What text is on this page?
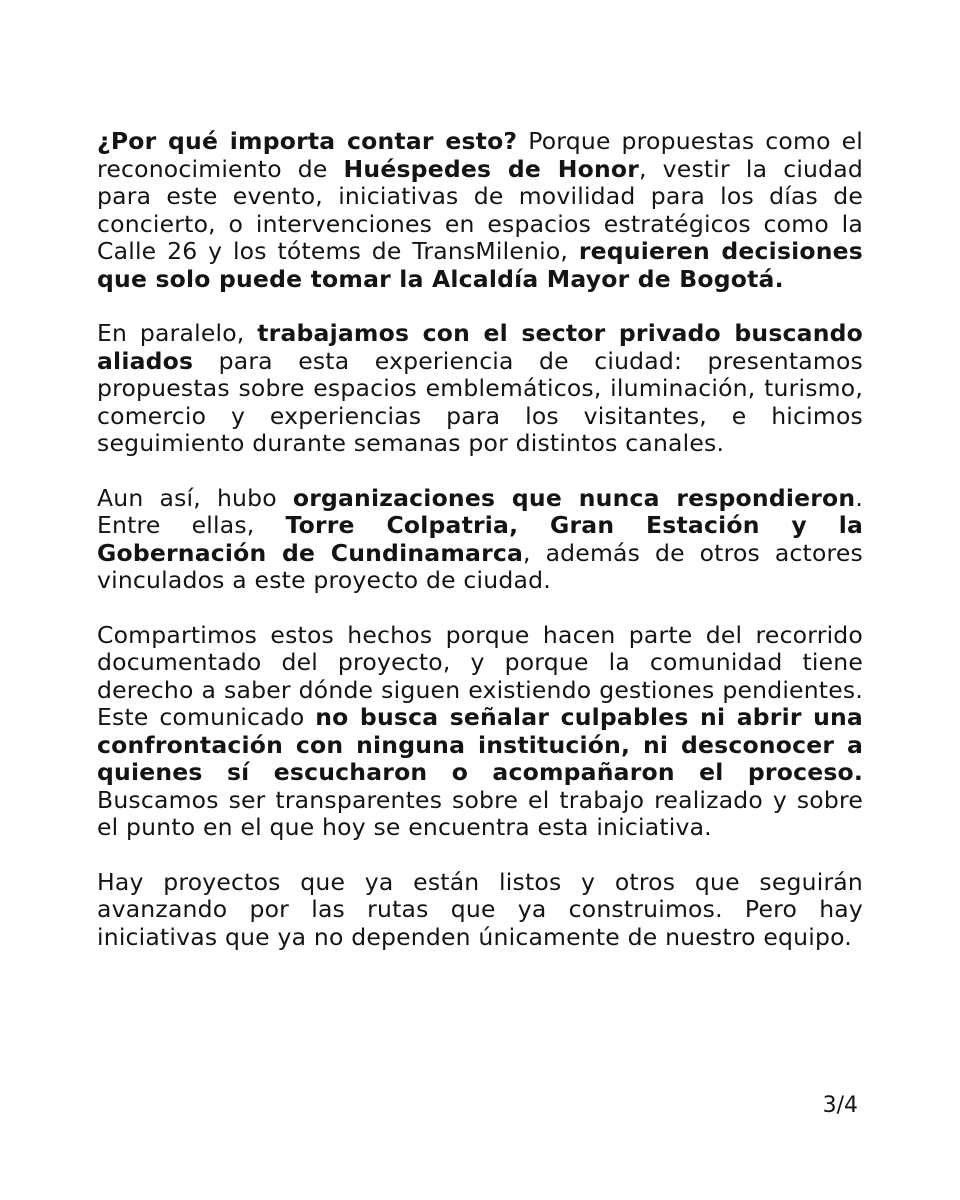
¿Por qué importa contar esto? Porque propuestas como el reconocimiento de Huéspedes de Honor, vestir la ciudad para este evento, iniciativas de movilidad para los días de concierto, o intervenciones en espacios estratégicos como la Calle 26 y los tótems de TransMilenio, requieren decisiones que solo puede tomar la Alcaldía Mayor de Bogotá.

En paralelo, trabajamos con el sector privado buscando aliados para esta experiencia de ciudad: presentamos propuestas sobre espacios emblemáticos, iluminación, turismo, comercio y experiencias para los visitantes, e hicimos seguimiento durante semanas por distintos canales.

Aun así, hubo organizaciones que nunca respondieron. Entre ellas, Torre Colpatria, Gran Estación y la Gobernación de Cundinamarca, además de otros actores vinculados a este proyecto de ciudad.

Compartimos estos hechos porque hacen parte del recorrido documentado del proyecto, y porque la comunidad tiene derecho a saber dónde siguen existiendo gestiones pendientes. Este comunicado no busca señalar culpables ni abrir una confrontación con ninguna institución, ni desconocer a quienes sí escucharon o acompañaron el proceso. Buscamos ser transparentes sobre el trabajo realizado y sobre el punto en el que hoy se encuentra esta iniciativa.

Hay proyectos que ya están listos y otros que seguirán avanzando por las rutas que ya construimos. Pero hay iniciativas que ya no dependen únicamente de nuestro equipo.

3/4
